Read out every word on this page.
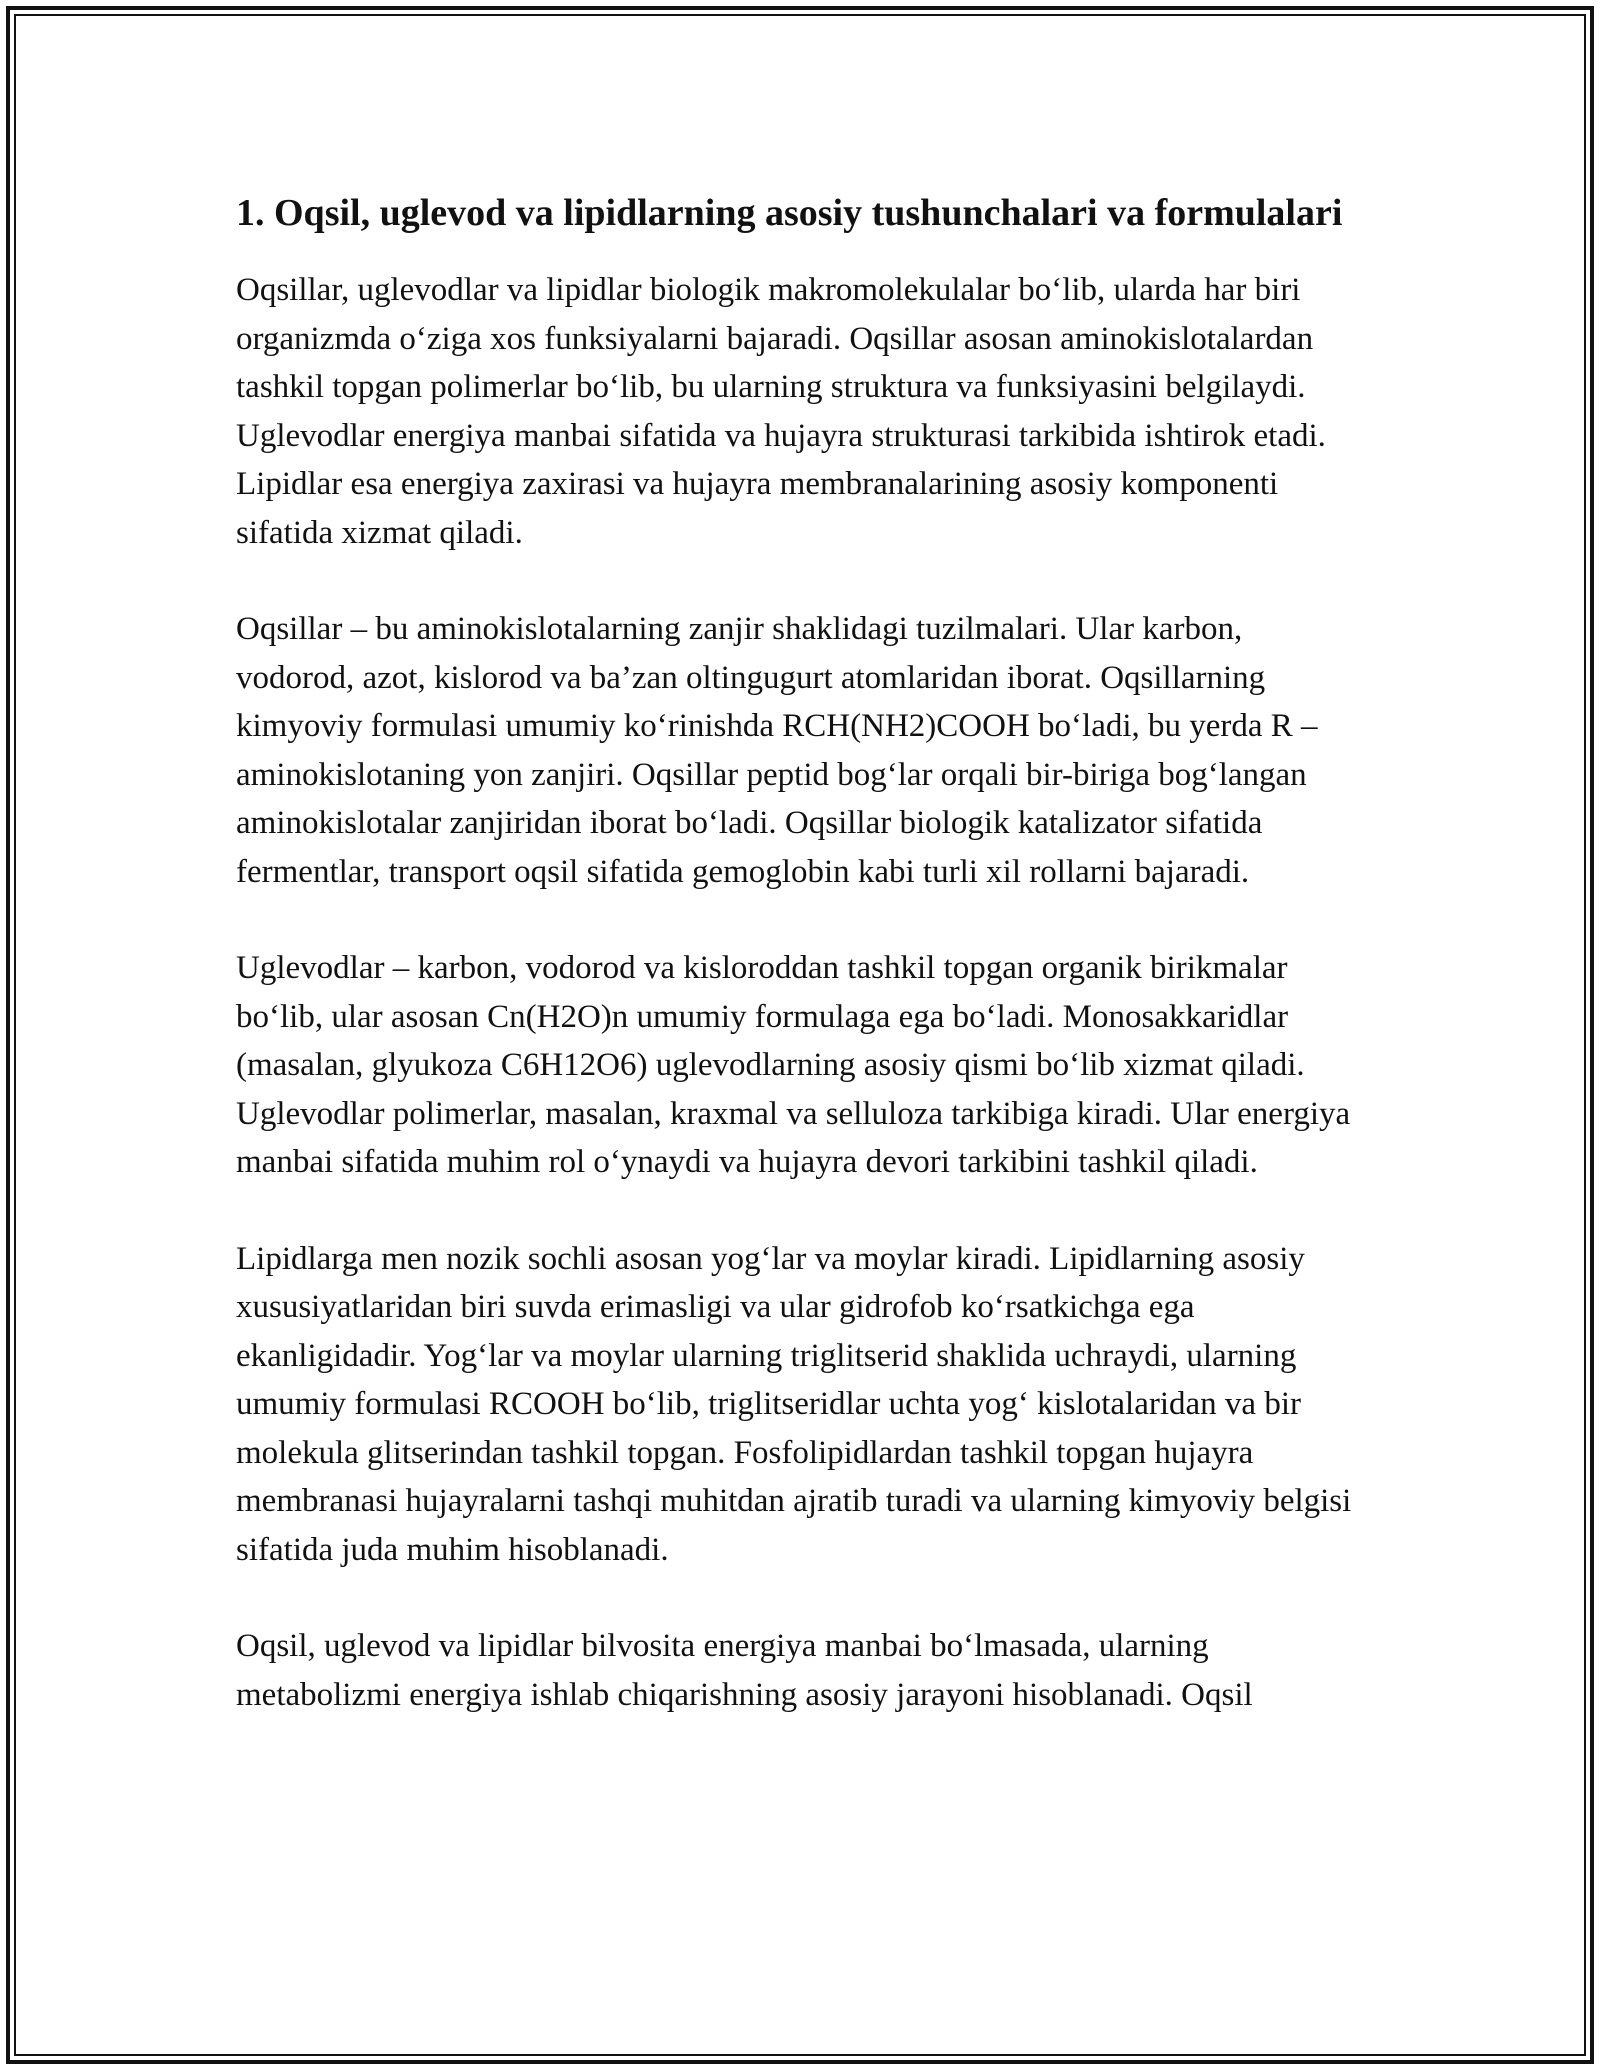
1. Oqsil, uglevod va lipidlarning asosiy tushunchalari va formulalari

Oqsillar, uglevodlar va lipidlar biologik makromolekulalar bo‘lib, ularda har biri organizmda o‘ziga xos funksiyalarni bajaradi. Oqsillar asosan aminokislotalardan tashkil topgan polimerlar bo‘lib, bu ularning struktura va funksiyasini belgilaydi. Uglevodlar energiya manbai sifatida va hujayra strukturasi tarkibida ishtirok etadi. Lipidlar esa energiya zaxirasi va hujayra membranalarining asosiy komponenti sifatida xizmat qiladi.

Oqsillar – bu aminokislotalarning zanjir shaklidagi tuzilmalari. Ular karbon, vodorod, azot, kislorod va ba’zan oltingugurt atomlaridan iborat. Oqsillarning kimyoviy formulasi umumiy ko‘rinishda RCH(NH2)COOH bo‘ladi, bu yerda R – aminokislotaning yon zanjiri. Oqsillar peptid bog‘lar orqali bir-biriga bog‘langan aminokislotalar zanjiridan iborat bo‘ladi. Oqsillar biologik katalizator sifatida fermentlar, transport oqsil sifatida gemoglobin kabi turli xil rollarni bajaradi.

Uglevodlar – karbon, vodorod va kisloroddan tashkil topgan organik birikmalar bo‘lib, ular asosan Cn(H2O)n umumiy formulaga ega bo‘ladi. Monosakkaridlar (masalan, glyukoza C6H12O6) uglevodlarning asosiy qismi bo‘lib xizmat qiladi. Uglevodlar polimerlar, masalan, kraxmal va selluloza tarkibiga kiradi. Ular energiya manbai sifatida muhim rol o‘ynaydi va hujayra devori tarkibini tashkil qiladi.

Lipidlarga men nozik sochli asosan yog‘lar va moylar kiradi. Lipidlarning asosiy xususiyatlaridan biri suvda erimasligi va ular gidrofob ko‘rsatkichga ega ekanligidadir. Yog‘lar va moylar ularning triglitserid shaklida uchraydi, ularning umumiy formulasi RCOOH bo‘lib, triglitseridlar uchta yog‘ kislotalaridan va bir molekula glitserindan tashkil topgan. Fosfolipidlardan tashkil topgan hujayra membranasi hujayralarni tashqi muhitdan ajratib turadi va ularning kimyoviy belgisi sifatida juda muhim hisoblanadi.

Oqsil, uglevod va lipidlar bilvosita energiya manbai bo‘lmasada, ularning metabolizmi energiya ishlab chiqarishning asosiy jarayoni hisoblanadi. Oqsil
